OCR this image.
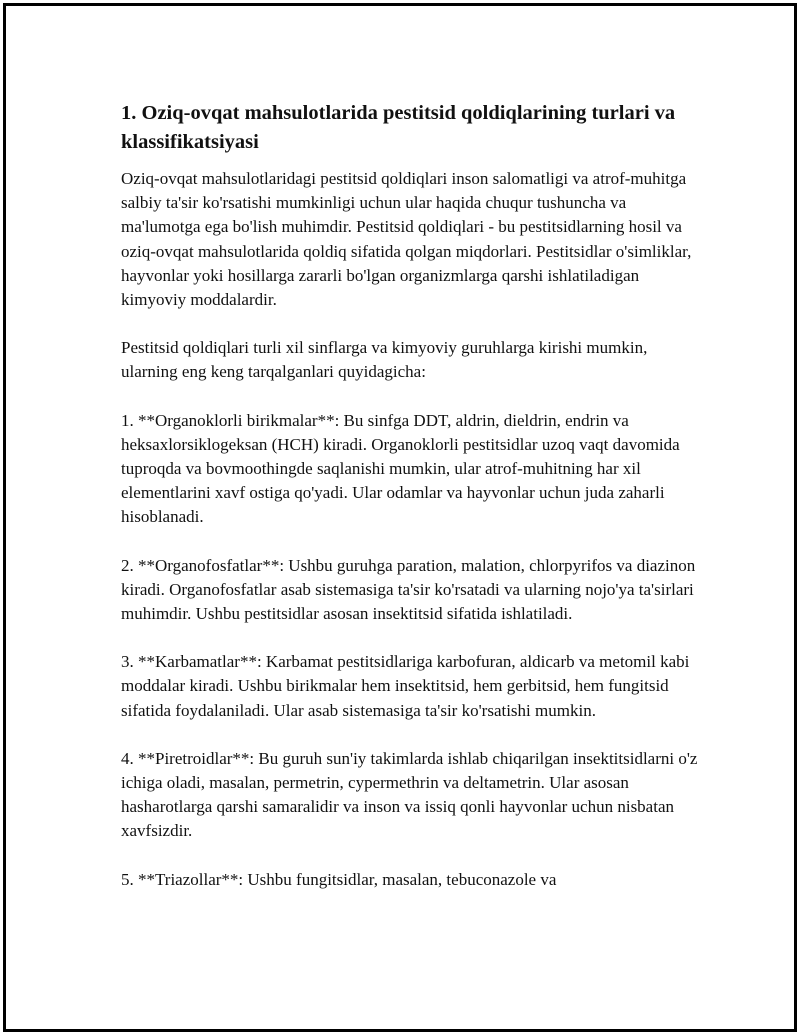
1. Oziq-ovqat mahsulotlarida pestitsid qoldiqlarining turlari va klassifikatsiyasi

Oziq-ovqat mahsulotlaridagi pestitsid qoldiqlari inson salomatligi va atrof-muhitga salbiy ta'sir ko'rsatishi mumkinligi uchun ular haqida chuqur tushuncha va ma'lumotga ega bo'lish muhimdir. Pestitsid qoldiqlari - bu pestitsidlarning hosil va oziq-ovqat mahsulotlarida qoldiq sifatida qolgan miqdorlari. Pestitsidlar o'simliklar, hayvonlar yoki hosillarga zararli bo'lgan organizmlarga qarshi ishlatiladigan kimyoviy moddalardir.

Pestitsid qoldiqlari turli xil sinflarga va kimyoviy guruhlarga kirishi mumkin, ularning eng keng tarqalganlari quyidagicha:

1. **Organoklorli birikmalar**: Bu sinfga DDT, aldrin, dieldrin, endrin va heksaxlorsiklogeksan (HCH) kiradi. Organoklorli pestitsidlar uzoq vaqt davomida tuproqda va bovmoothingde saqlanishi mumkin, ular atrof-muhitning har xil elementlarini xavf ostiga qo'yadi. Ular odamlar va hayvonlar uchun juda zaharli hisoblanadi.

2. **Organofosfatlar**: Ushbu guruhga paration, malation, chlorpyrifos va diazinon kiradi. Organofosfatlar asab sistemasiga ta'sir ko'rsatadi va ularning nojo'ya ta'sirlari muhimdir. Ushbu pestitsidlar asosan insektitsid sifatida ishlatiladi.

3. **Karbamatlar**: Karbamat pestitsidlariga karbofuran, aldicarb va metomil kabi moddalar kiradi. Ushbu birikmalar hem insektitsid, hem gerbitsid, hem fungitsid sifatida foydalaniladi. Ular asab sistemasiga ta'sir ko'rsatishi mumkin.

4. **Piretroidlar**: Bu guruh sun'iy takimlarda ishlab chiqarilgan insektitsidlarni o'z ichiga oladi, masalan, permetrin, cypermethrin va deltametrin. Ular asosan hasharotlarga qarshi samaralidir va inson va issiq qonli hayvonlar uchun nisbatan xavfsizdir.

5. **Triazollar**: Ushbu fungitsidlar, masalan, tebuconazole va
